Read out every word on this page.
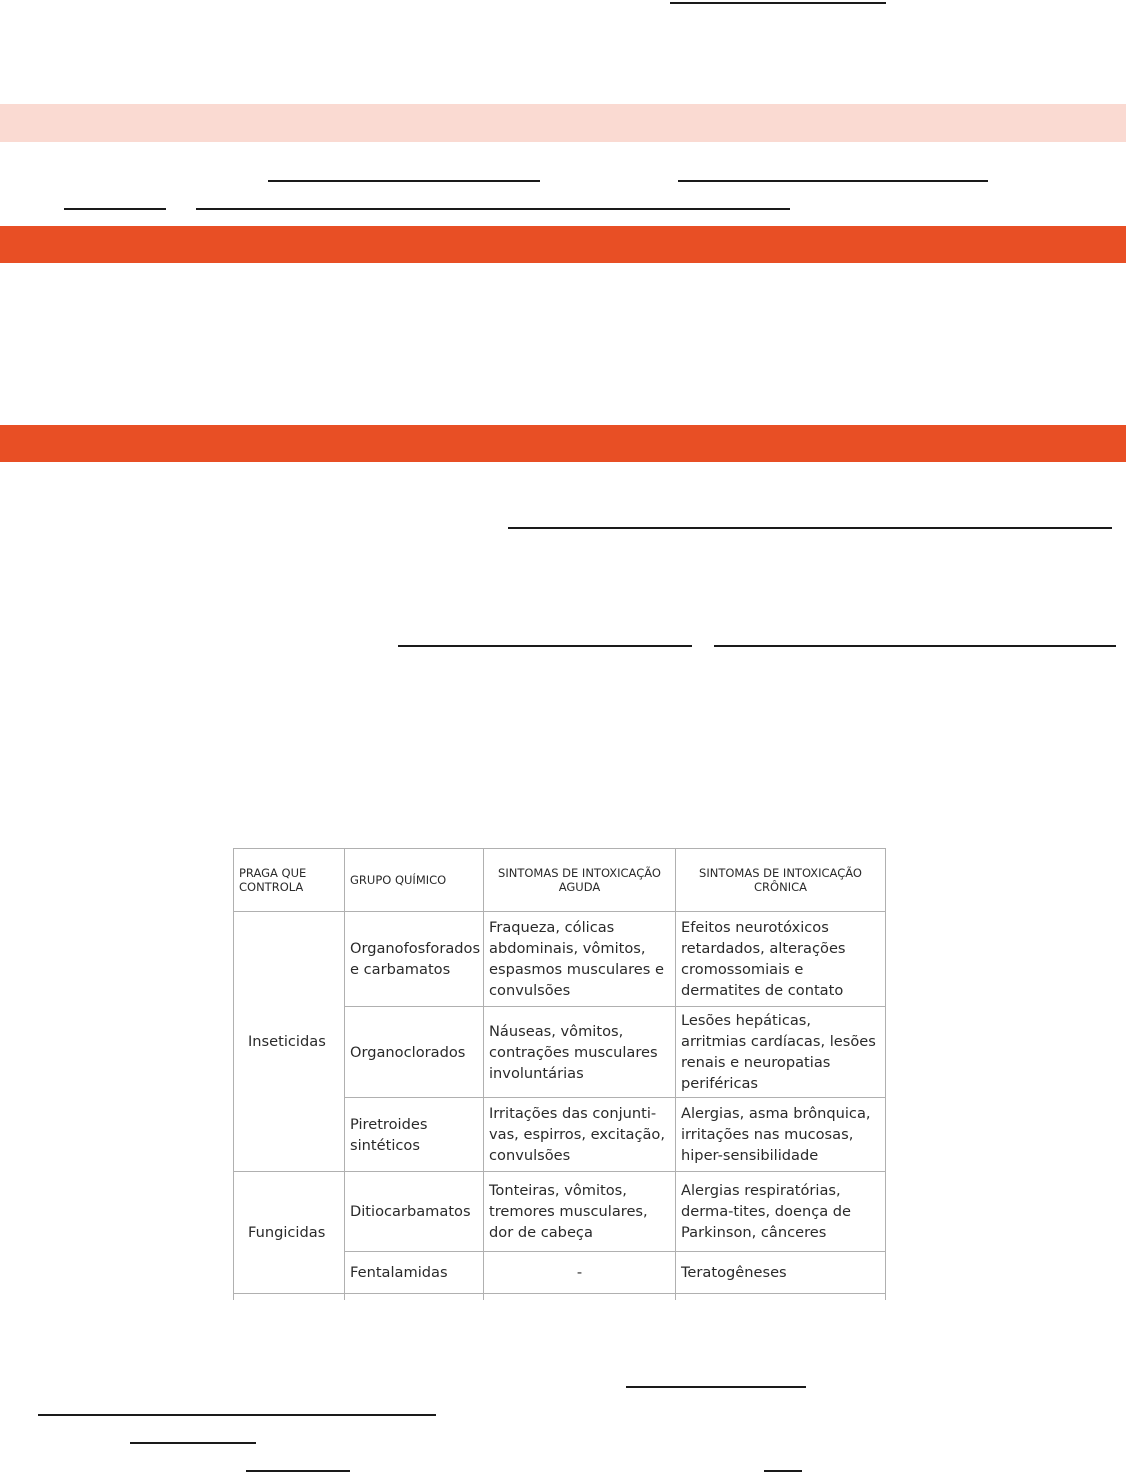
PRAGA QUE CONTROLA	GRUPO QUÍMICO	SINTOMAS DE INTOXICAÇÃO AGUDA	SINTOMAS DE INTOXICAÇÃO CRÔNICA
Inseticidas	Organofosforados e carbamatos	Fraqueza, cólicas abdominais, vômitos, espasmos musculares e convulsões	Efeitos neurotóxicos retardados, alterações cromossomiais e dermatites de contato
	Organoclorados	Náuseas, vômitos, contrações musculares involuntárias	Lesões hepáticas, arritmias cardíacas, lesões renais e neuropatias periféricas
	Piretroides sintéticos	Irritações das conjunti-vas, espirros, excitação, convulsões	Alergias, asma brônquica, irritações nas mucosas, hiper-sensibilidade
Fungicidas	Ditiocarbamatos	Tonteiras, vômitos, tremores musculares, dor de cabeça	Alergias respiratórias, derma-tites, doença de Parkinson, cânceres
	Fentalamidas	-	Teratogêneses
